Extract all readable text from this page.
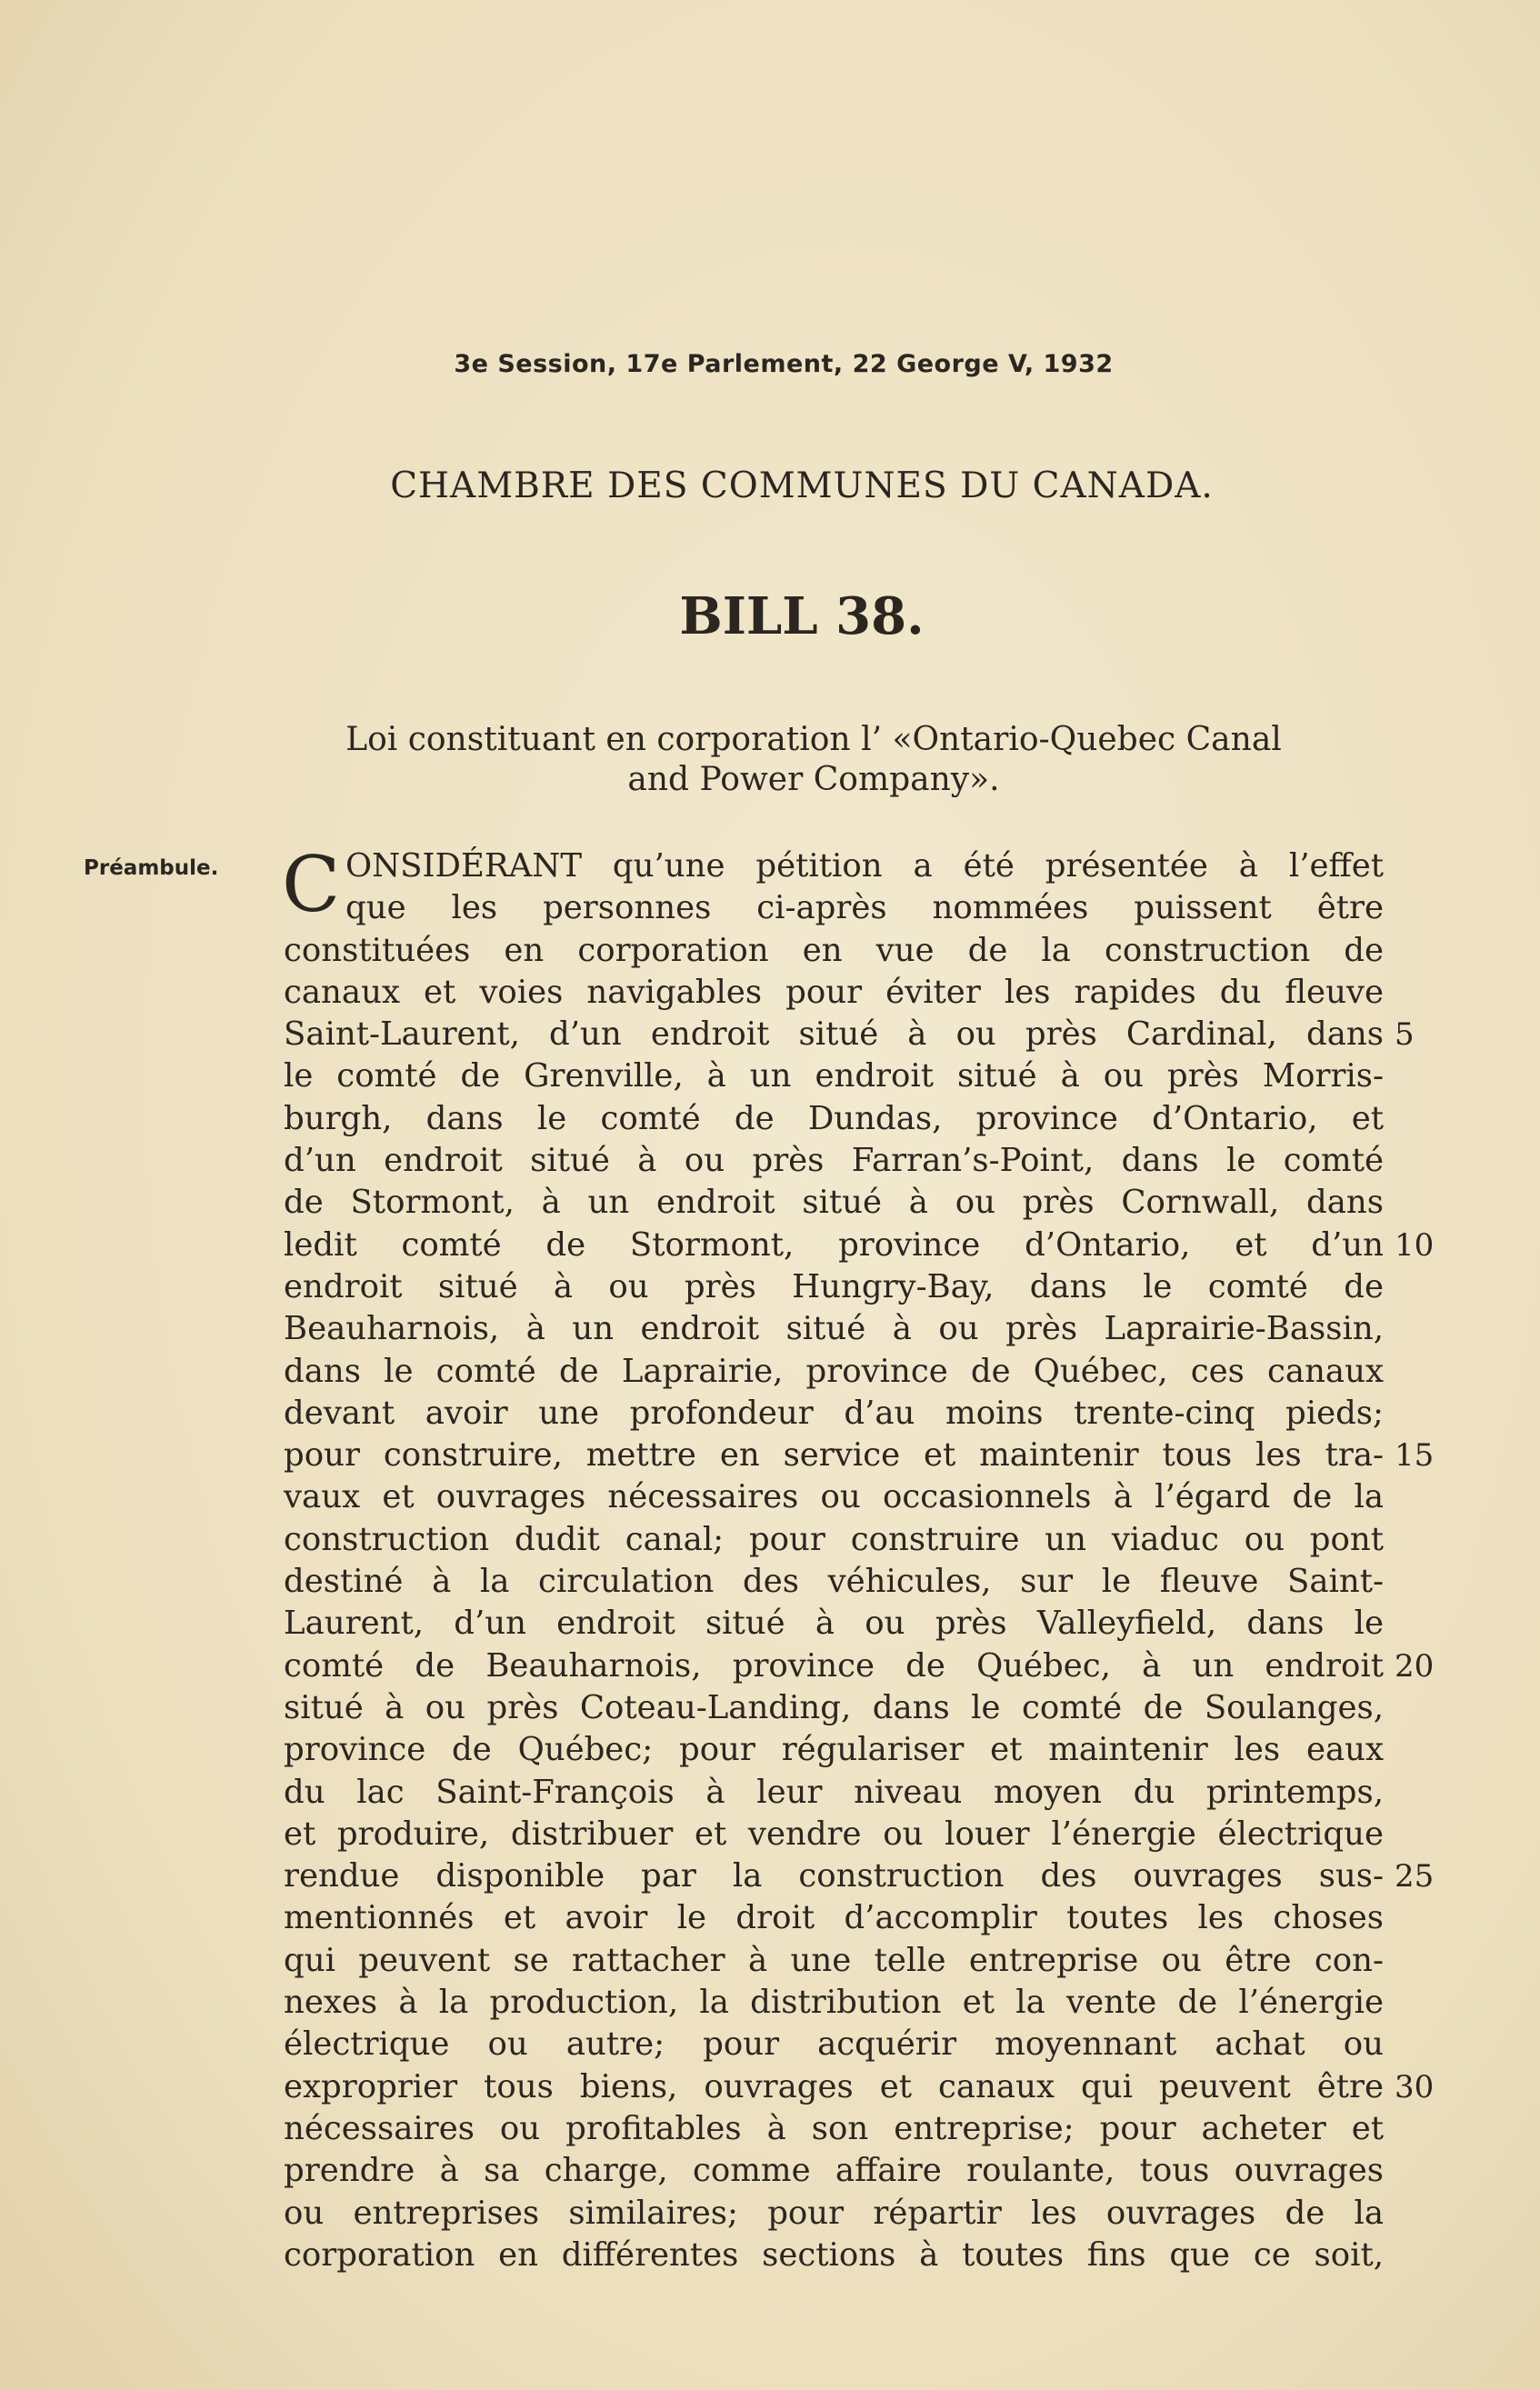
3e Session, 17e Parlement, 22 George V, 1932
CHAMBRE DES COMMUNES DU CANADA.
BILL 38.
Loi constituant en corporation l’ «Ontario-Quebec Canal
and Power Company».
Préambule.	ONSIDÉRANT qu’une pétition a été présentée à l’effet
que les personnes ci-après nommées puissent être
constituées en corporation en vue de la construction de
canaux et voies navigables pour éviter les rapides du fleuve
Saint-Laurent, d’un endroit situé à ou près Cardinal, dans
le comté de Grenville, à un endroit situé à ou près Morris-
burgh, dans le comté de Dundas, province d’Ontario, et
d’un endroit situé à ou près Farran’s-Point, dans le comté
de Stormont, à un endroit situé à ou près Cornwall, dans
ledit comté de Stormont, province d’Ontario, et d’un
endroit situé à ou près Hungry-Bay, dans le comté de
Beauharnois, à un endroit situé à ou près Laprairie-Bassin,
dans le comté de Laprairie, province de Québec, ces canaux
devant avoir une profondeur d’au moins trente-cinq pieds;
pour construire, mettre en service et maintenir tous les tra-
vaux et ouvrages nécessaires ou occasionnels à l’égard de la
construction dudit canal; pour construire un viaduc ou pont
destiné à la circulation des véhicules, sur le fleuve Saint-
Laurent, d’un endroit situé à ou près Valleyfield, dans le
comté de Beauharnois, province de Québec, à un endroit
situé à ou près Coteau-Landing, dans le comté de Soulanges,
province de Québec; pour régulariser et maintenir les eaux
du lac Saint-François à leur niveau moyen du printemps,
et produire, distribuer et vendre ou louer l’énergie électrique
rendue disponible par la construction des ouvrages sus-
mentionnés et avoir le droit d’accomplir toutes les choses
qui peuvent se rattacher à une telle entreprise ou être con-
nexes à la production, la distribution et la vente de l’énergie
électrique ou autre; pour acquérir moyennant achat ou
exproprier tous biens, ouvrages et canaux qui peuvent être
nécessaires ou profitables à son entreprise; pour acheter et
prendre à sa charge, comme affaire roulante, tous ouvrages
ou entreprises similaires; pour répartir les ouvrages de la
corporation en différentes sections à toutes fins que ce soit,
C
5
10
15
20
25
30
